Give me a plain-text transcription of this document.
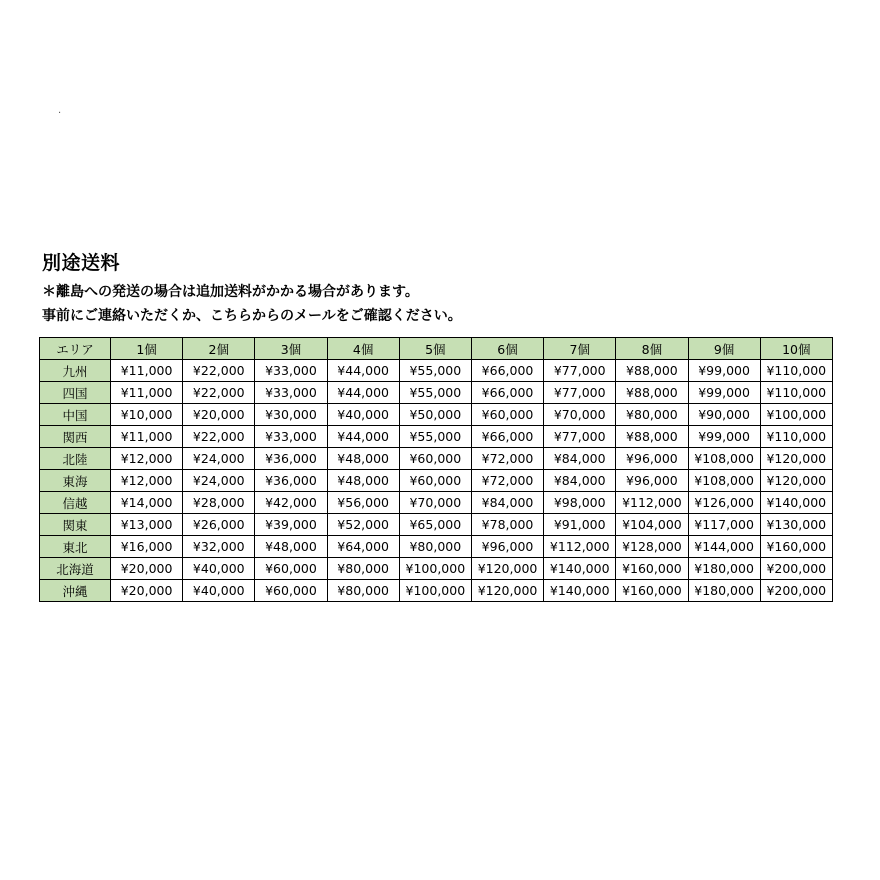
.
別途送料
＊離島への発送の場合は追加送料がかかる場合があります。
事前にご連絡いただくか、こちらからのメールをご確認ください。
エリア	1個	2個	3個	4個	5個	6個	7個	8個	9個	10個
九州	¥11,000	¥22,000	¥33,000	¥44,000	¥55,000	¥66,000	¥77,000	¥88,000	¥99,000	¥110,000
四国	¥11,000	¥22,000	¥33,000	¥44,000	¥55,000	¥66,000	¥77,000	¥88,000	¥99,000	¥110,000
中国	¥10,000	¥20,000	¥30,000	¥40,000	¥50,000	¥60,000	¥70,000	¥80,000	¥90,000	¥100,000
関西	¥11,000	¥22,000	¥33,000	¥44,000	¥55,000	¥66,000	¥77,000	¥88,000	¥99,000	¥110,000
北陸	¥12,000	¥24,000	¥36,000	¥48,000	¥60,000	¥72,000	¥84,000	¥96,000	¥108,000	¥120,000
東海	¥12,000	¥24,000	¥36,000	¥48,000	¥60,000	¥72,000	¥84,000	¥96,000	¥108,000	¥120,000
信越	¥14,000	¥28,000	¥42,000	¥56,000	¥70,000	¥84,000	¥98,000	¥112,000	¥126,000	¥140,000
関東	¥13,000	¥26,000	¥39,000	¥52,000	¥65,000	¥78,000	¥91,000	¥104,000	¥117,000	¥130,000
東北	¥16,000	¥32,000	¥48,000	¥64,000	¥80,000	¥96,000	¥112,000	¥128,000	¥144,000	¥160,000
北海道	¥20,000	¥40,000	¥60,000	¥80,000	¥100,000	¥120,000	¥140,000	¥160,000	¥180,000	¥200,000
沖縄	¥20,000	¥40,000	¥60,000	¥80,000	¥100,000	¥120,000	¥140,000	¥160,000	¥180,000	¥200,000
